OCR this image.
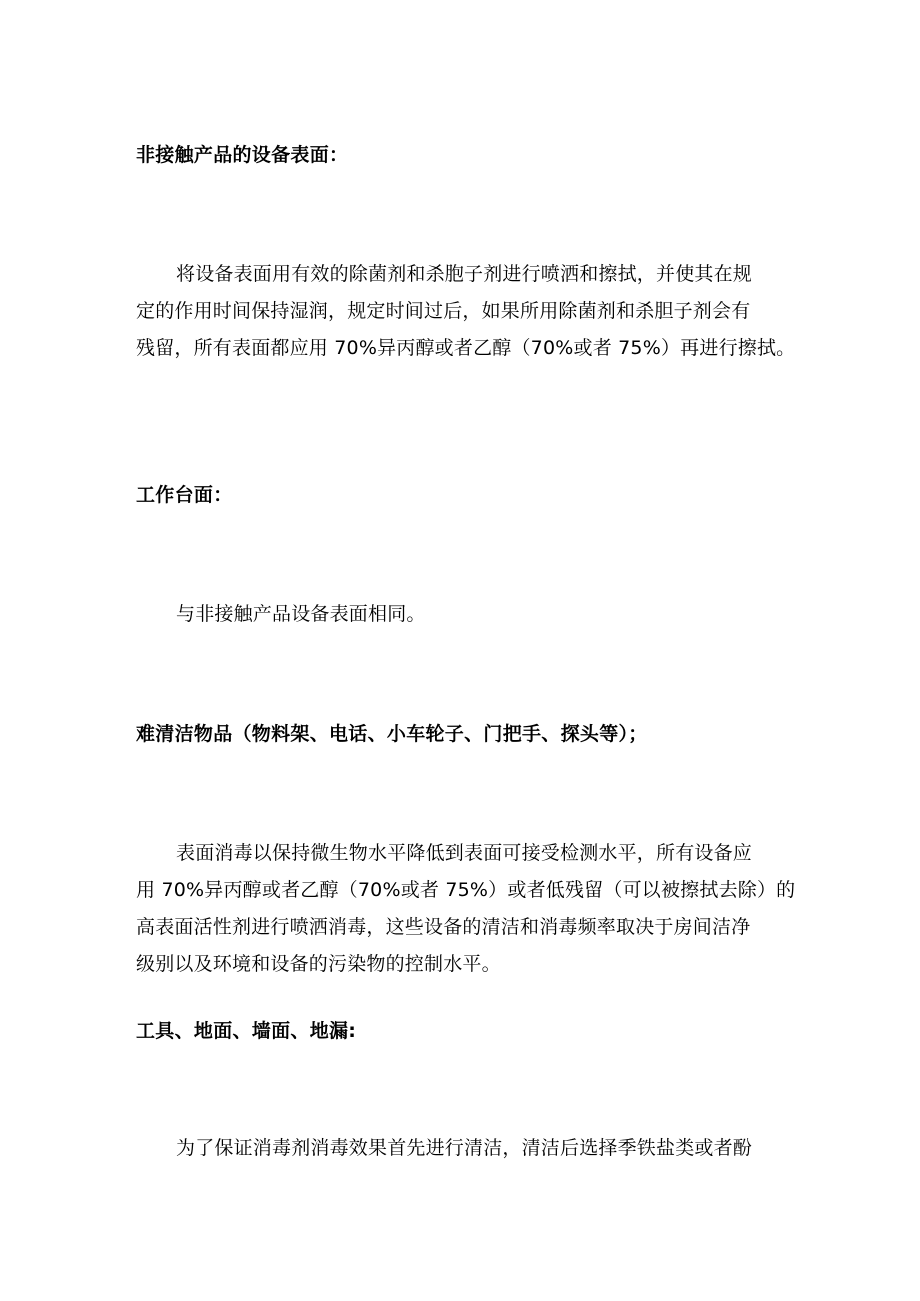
非接触产品的设备表面：
将设备表面用有效的除菌剂和杀胞子剂进行喷洒和擦拭，并使其在规
定的作用时间保持湿润，规定时间过后，如果所用除菌剂和杀胆子剂会有
残留，所有表面都应用 70%异丙醇或者乙醇（70%或者 75%）再进行擦拭。
工作台面：
与非接触产品设备表面相同。
难清洁物品（物料架、电话、小车轮子、门把手、探头等）；
表面消毒以保持微生物水平降低到表面可接受检测水平，所有设备应
用 70%异丙醇或者乙醇（70%或者 75%）或者低残留（可以被擦拭去除）的
高表面活性剂进行喷洒消毒，这些设备的清洁和消毒频率取决于房间洁净
级别以及环境和设备的污染物的控制水平。
工具、地面、墙面、地漏:
为了保证消毒剂消毒效果首先进行清洁，清洁后选择季铁盐类或者酚
